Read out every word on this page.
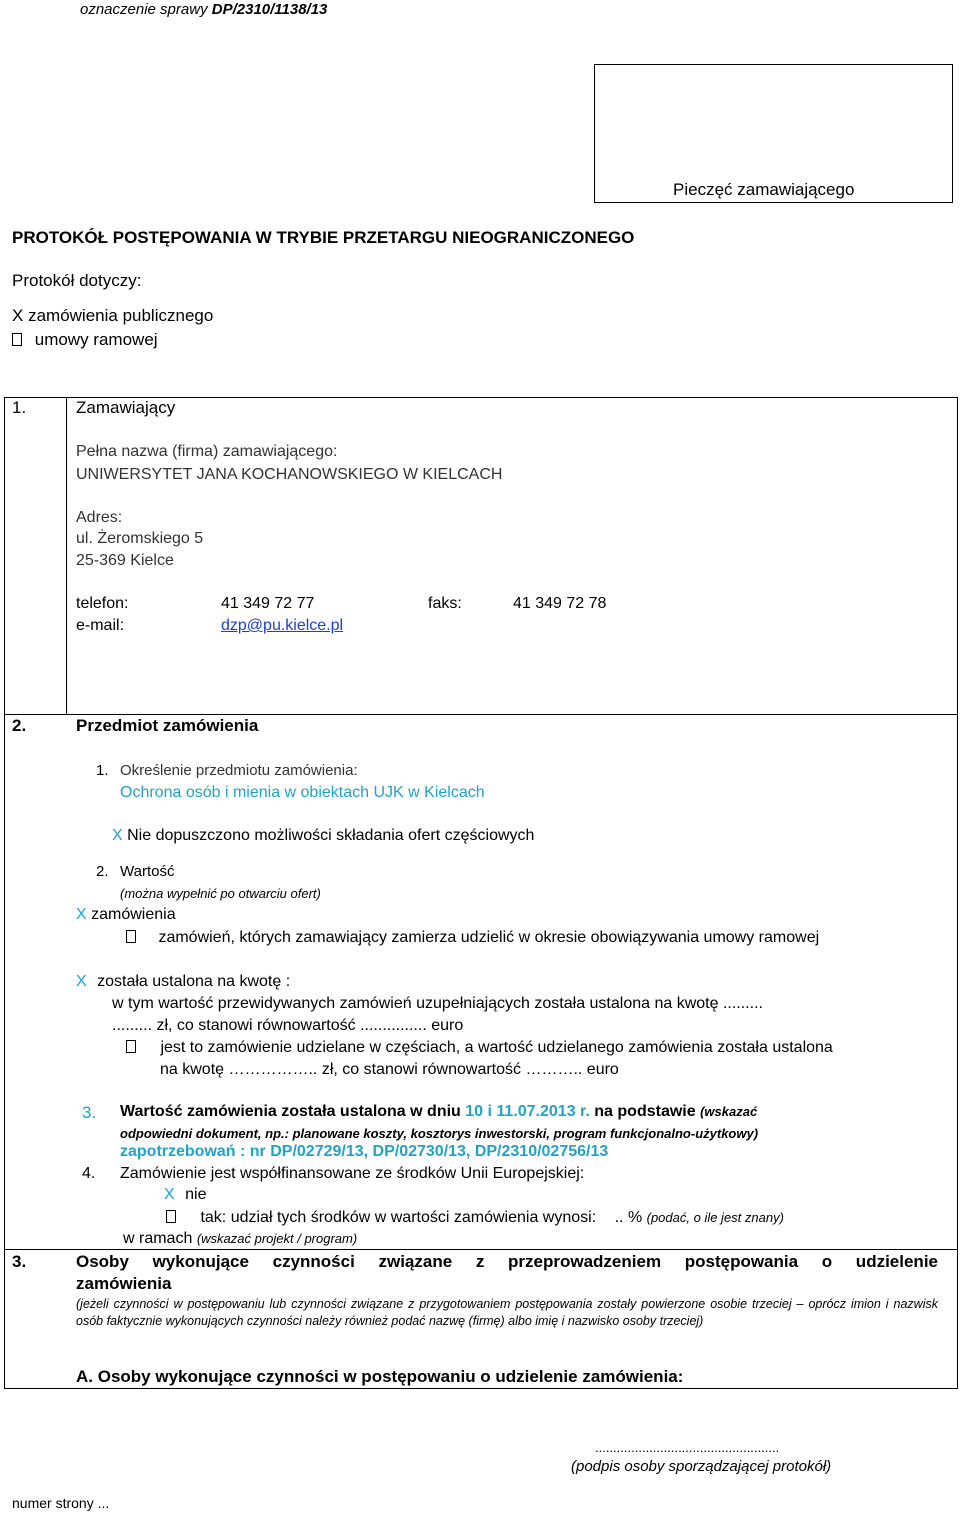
oznaczenie sprawy DP/2310/1138/13
Pieczęć zamawiającego
PROTOKÓŁ POSTĘPOWANIA W TRYBIE PRZETARGU NIEOGRANICZONEGO
Protokół dotyczy:
X zamówienia publicznego
umowy ramowej
1.	Zamawiający
Pełna nazwa (firma) zamawiającego:
UNIWERSYTET JANA KOCHANOWSKIEGO W KIELCACH
Adres:
ul. Żeromskiego 5
25-369 Kielce
telefon:	41 349 72 77	faks:	41 349 72 78
e-mail:	dzp@pu.kielce.pl
2.	Przedmiot zamówienia
1. Określenie przedmiotu zamówienia:
Ochrona osób i mienia w obiektach UJK w Kielcach
X Nie dopuszczono możliwości składania ofert częściowych
2. Wartość
(można wypełnić po otwarciu ofert)
X zamówienia
zamówień, których zamawiający zamierza udzielić w okresie obowiązywania umowy ramowej
X została ustalona na kwotę :
w tym wartość przewidywanych zamówień uzupełniających została ustalona na kwotę .........
......... zł, co stanowi równowartość ............... euro
jest to zamówienie udzielane w częściach, a wartość udzielanego zamówienia została ustalona
na kwotę …………….. zł, co stanowi równowartość ……….. euro
3. Wartość zamówienia została ustalona w dniu 10 i 11.07.2013 r. na podstawie (wskazać
odpowiedni dokument, np.: planowane koszty, kosztorys inwestorski, program funkcjonalno-użytkowy)
zapotrzebowań : nr DP/02729/13, DP/02730/13, DP/2310/02756/13
4. Zamówienie jest współfinansowane ze środków Unii Europejskiej:
X nie
tak: udział tych środków w wartości zamówienia wynosi: .. % (podać, o ile jest znany)
w ramach (wskazać projekt / program)
3.	Osoby wykonujące czynności związane z przeprowadzeniem postępowania o udzielenie
zamówienia
(jeżeli czynności w postępowaniu lub czynności związane z przygotowaniem postępowania zostały powierzone osobie trzeciej – oprócz imion i nazwisk osób faktycznie wykonujących czynności należy również podać nazwę (firmę) albo imię i nazwisko osoby trzeciej)
A. Osoby wykonujące czynności w postępowaniu o udzielenie zamówienia:
...................................................
(podpis osoby sporządzającej protokół)
numer strony ...
